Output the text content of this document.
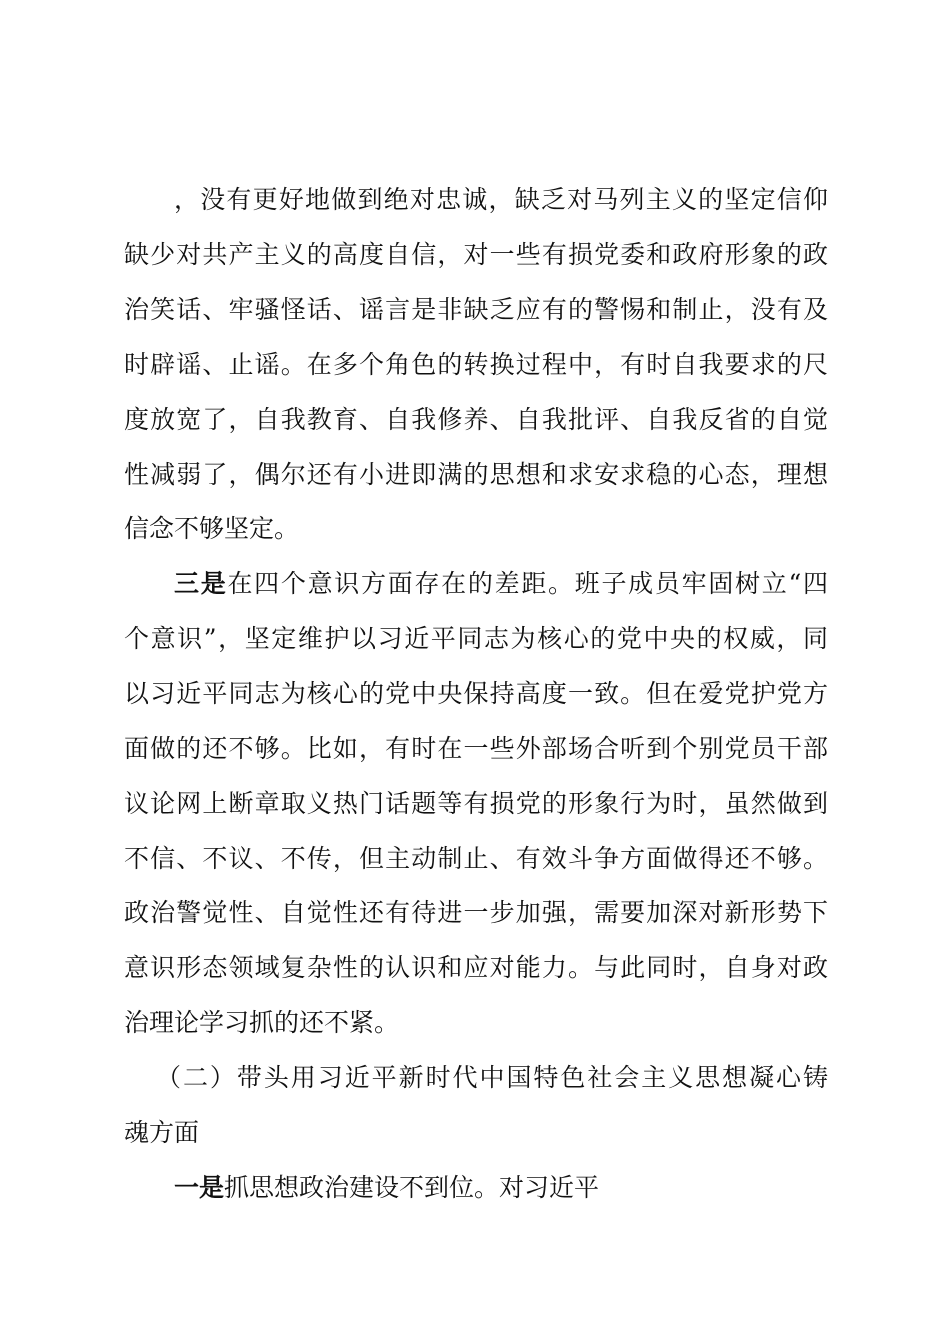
，没有更好地做到绝对忠诚，缺乏对马列主义的坚定信仰
缺少对共产主义的高度自信，对一些有损党委和政府形象的政
治笑话、牢骚怪话、谣言是非缺乏应有的警惕和制止，没有及
时辟谣、止谣。在多个角色的转换过程中，有时自我要求的尺
度放宽了，自我教育、自我修养、自我批评、自我反省的自觉
性减弱了，偶尔还有小进即满的思想和求安求稳的心态，理想
信念不够坚定。
三是在四个意识方面存在的差距。班子成员牢固树立“四
个意识”，坚定维护以习近平同志为核心的党中央的权威，同
以习近平同志为核心的党中央保持高度一致。但在爱党护党方
面做的还不够。比如，有时在一些外部场合听到个别党员干部
议论网上断章取义热门话题等有损党的形象行为时，虽然做到
不信、不议、不传，但主动制止、有效斗争方面做得还不够。
政治警觉性、自觉性还有待进一步加强，需要加深对新形势下
意识形态领域复杂性的认识和应对能力。与此同时，自身对政
治理论学习抓的还不紧。
（二）带头用习近平新时代中国特色社会主义思想凝心铸
魂方面
一是抓思想政治建设不到位。对习近平
